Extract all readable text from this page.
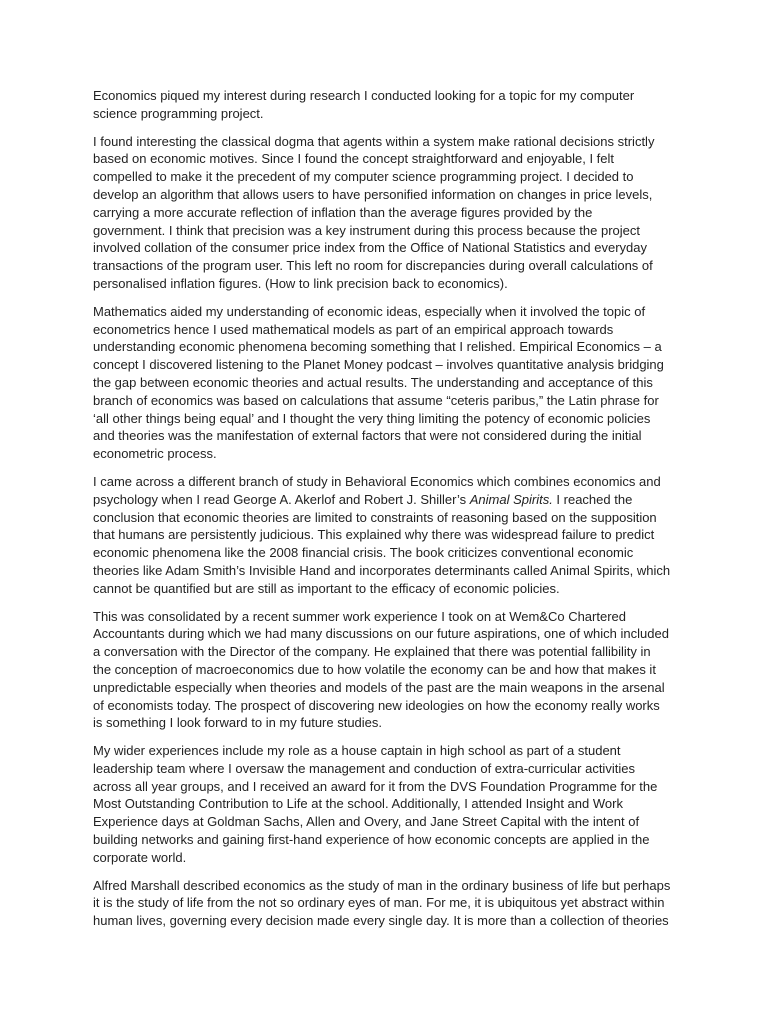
Economics piqued my interest during research I conducted looking for a topic for my computer
science programming project.

I found interesting the classical dogma that agents within a system make rational decisions strictly
based on economic motives. Since I found the concept straightforward and enjoyable, I felt
compelled to make it the precedent of my computer science programming project. I decided to
develop an algorithm that allows users to have personified information on changes in price levels,
carrying a more accurate reflection of inflation than the average figures provided by the
government. I think that precision was a key instrument during this process because the project
involved collation of the consumer price index from the Office of National Statistics and everyday
transactions of the program user. This left no room for discrepancies during overall calculations of
personalised inflation figures. (How to link precision back to economics).

Mathematics aided my understanding of economic ideas, especially when it involved the topic of
econometrics hence I used mathematical models as part of an empirical approach towards
understanding economic phenomena becoming something that I relished. Empirical Economics – a
concept I discovered listening to the Planet Money podcast – involves quantitative analysis bridging
the gap between economic theories and actual results. The understanding and acceptance of this
branch of economics was based on calculations that assume “ceteris paribus,” the Latin phrase for
‘all other things being equal’ and I thought the very thing limiting the potency of economic policies
and theories was the manifestation of external factors that were not considered during the initial
econometric process.

I came across a different branch of study in Behavioral Economics which combines economics and
psychology when I read George A. Akerlof and Robert J. Shiller’s Animal Spirits. I reached the
conclusion that economic theories are limited to constraints of reasoning based on the supposition
that humans are persistently judicious. This explained why there was widespread failure to predict
economic phenomena like the 2008 financial crisis. The book criticizes conventional economic
theories like Adam Smith’s Invisible Hand and incorporates determinants called Animal Spirits, which
cannot be quantified but are still as important to the efficacy of economic policies.

This was consolidated by a recent summer work experience I took on at Wem&Co Chartered
Accountants during which we had many discussions on our future aspirations, one of which included
a conversation with the Director of the company. He explained that there was potential fallibility in
the conception of macroeconomics due to how volatile the economy can be and how that makes it
unpredictable especially when theories and models of the past are the main weapons in the arsenal
of economists today. The prospect of discovering new ideologies on how the economy really works
is something I look forward to in my future studies.

My wider experiences include my role as a house captain in high school as part of a student
leadership team where I oversaw the management and conduction of extra-curricular activities
across all year groups, and I received an award for it from the DVS Foundation Programme for the
Most Outstanding Contribution to Life at the school. Additionally, I attended Insight and Work
Experience days at Goldman Sachs, Allen and Overy, and Jane Street Capital with the intent of
building networks and gaining first-hand experience of how economic concepts are applied in the
corporate world.

Alfred Marshall described economics as the study of man in the ordinary business of life but perhaps
it is the study of life from the not so ordinary eyes of man. For me, it is ubiquitous yet abstract within
human lives, governing every decision made every single day. It is more than a collection of theories
